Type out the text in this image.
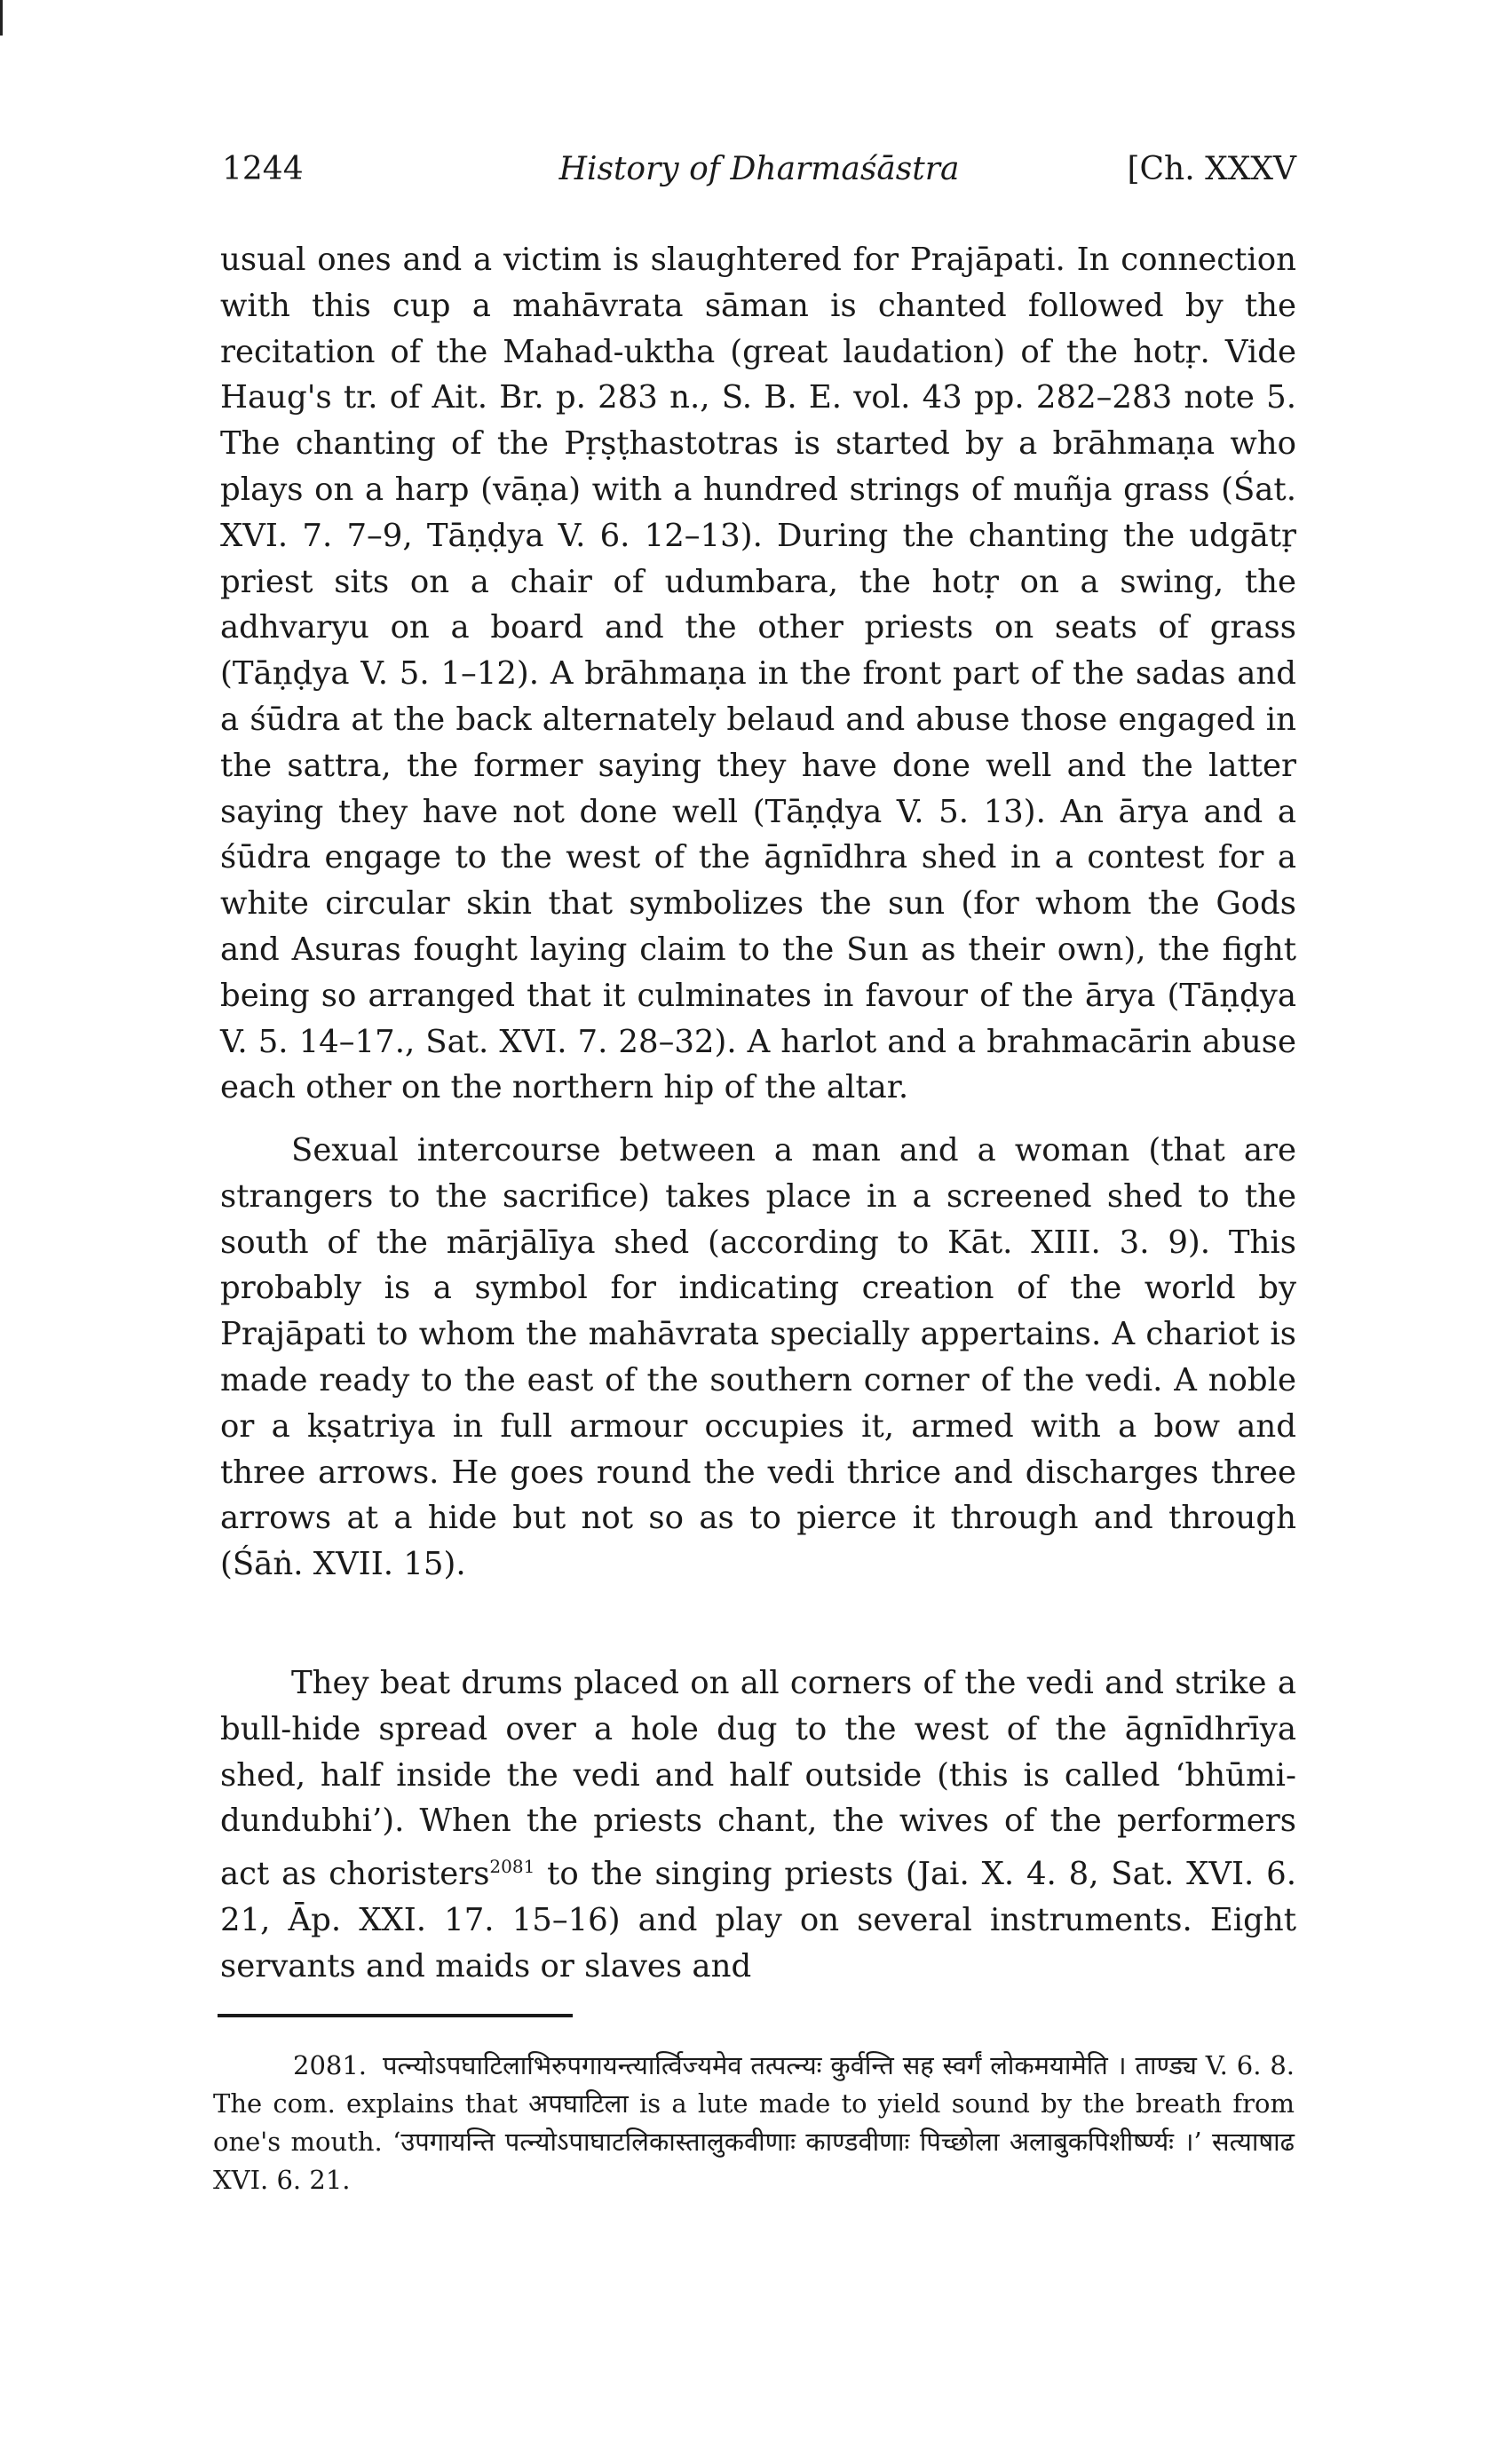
1244	History of Dharmaśāstra	[Ch. XXXV

usual ones and a victim is slaughtered for Prajāpati. In connection with this cup a mahāvrata sāman is chanted followed by the recitation of the Mahad-uktha (great laudation) of the hotṛ. Vide Haug's tr. of Ait. Br. p. 283 n., S. B. E. vol. 43 pp. 282–283 note 5. The chanting of the Pṛṣṭhastotras is started by a brāhmaṇa who plays on a harp (vāṇa) with a hundred strings of muñja grass (Śat. XVI. 7. 7–9, Tāṇḍya V. 6. 12–13). During the chanting the udgātṛ priest sits on a chair of udumbara, the hotṛ on a swing, the adhvaryu on a board and the other priests on seats of grass (Tāṇḍya V. 5. 1–12). A brāhmaṇa in the front part of the sadas and a śūdra at the back alternately belaud and abuse those engaged in the sattra, the former saying they have done well and the latter saying they have not done well (Tāṇḍya V. 5. 13). An ārya and a śūdra engage to the west of the āgnīdhra shed in a contest for a white circular skin that symbolizes the sun (for whom the Gods and Asuras fought laying claim to the Sun as their own), the fight being so arranged that it culminates in favour of the ārya (Tāṇḍya V. 5. 14–17., Sat. XVI. 7. 28–32). A harlot and a brahmacārin abuse each other on the northern hip of the altar.

Sexual intercourse between a man and a woman (that are strangers to the sacrifice) takes place in a screened shed to the south of the mārjālīya shed (according to Kāt. XIII. 3. 9). This probably is a symbol for indicating creation of the world by Prajāpati to whom the mahāvrata specially appertains. A chariot is made ready to the east of the southern corner of the vedi. A noble or a kṣatriya in full armour occupies it, armed with a bow and three arrows. He goes round the vedi thrice and discharges three arrows at a hide but not so as to pierce it through and through (Śāṅ. XVII. 15).

They beat drums placed on all corners of the vedi and strike a bull-hide spread over a hole dug to the west of the āgnīdhrīya shed, half inside the vedi and half outside (this is called ‘bhūmi-dundubhi’). When the priests chant, the wives of the performers act as choristers$^{2081}$ to the singing priests (Jai. X. 4. 8, Sat. XVI. 6. 21, Āp. XXI. 17. 15–16) and play on several instruments. Eight servants and maids or slaves and

2081. पत्न्योऽपघाटिलाभिरुपगायन्त्यार्त्विज्यमेव तत्पत्न्यः कुर्वन्ति सह स्वर्गं लोकमयामेति । ताण्ड्य V. 6. 8. The com. explains that अपघाटिला is a lute made to yield sound by the breath from one's mouth. ‘उपगायन्ति पत्न्योऽपाघाटलिकास्तालुकवीणाः काण्डवीणाः पिच्छोला अलाबुकपिशीर्ष्ण्यः ।’ सत्याषाढ XVI. 6. 21.
